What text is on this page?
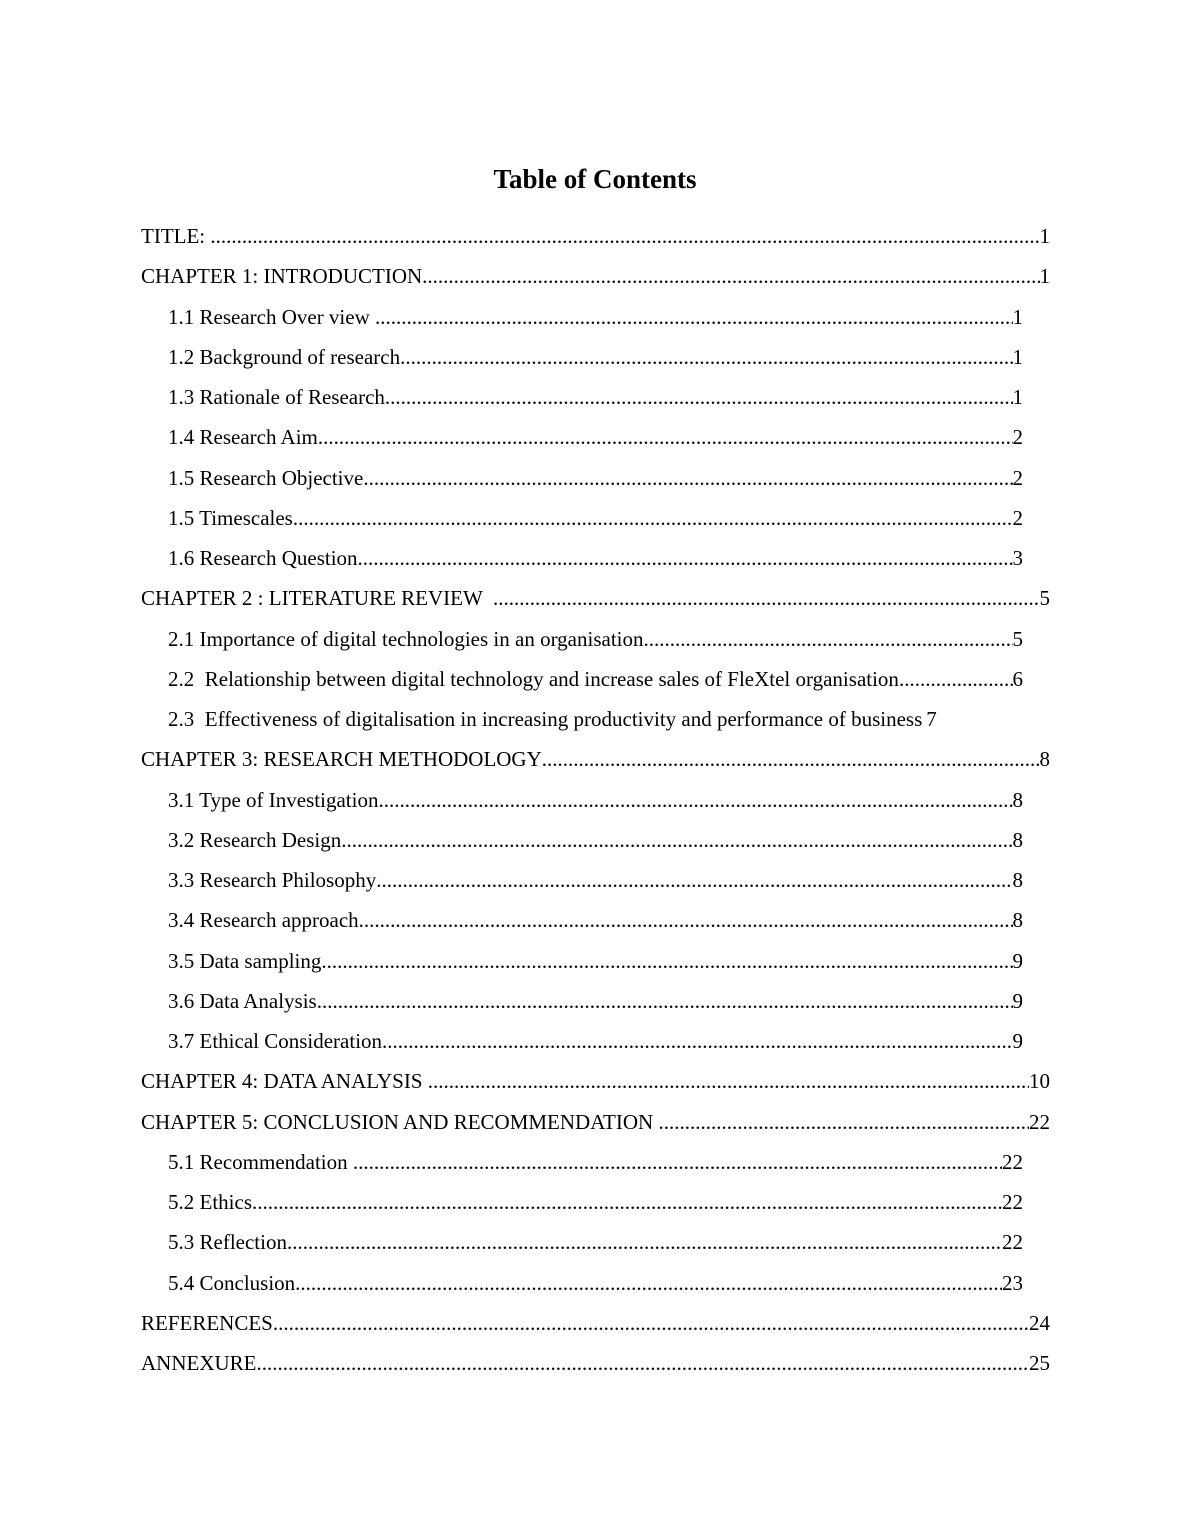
Table of Contents
TITLE: .....	1
CHAPTER 1: INTRODUCTION .....	1
1.1 Research Over view .....	1
1.2 Background of research .....	1
1.3 Rationale of Research .....	1
1.4 Research Aim .....	2
1.5 Research Objective .....	2
1.5 Timescales .....	2
1.6 Research Question .....	3
CHAPTER 2 : LITERATURE REVIEW .....	5
2.1 Importance of digital technologies in an organisation .....	5
2.2  Relationship between digital technology and increase sales of FleXtel organisation .....	6
2.3  Effectiveness of digitalisation in increasing productivity and performance of business 7
CHAPTER 3: RESEARCH METHODOLOGY .....	8
3.1 Type of Investigation .....	8
3.2 Research Design .....	8
3.3 Research Philosophy .....	8
3.4 Research approach .....	8
3.5 Data sampling .....	9
3.6 Data Analysis .....	9
3.7 Ethical Consideration .....	9
CHAPTER 4: DATA ANALYSIS .....	10
CHAPTER 5: CONCLUSION AND RECOMMENDATION .....	22
5.1 Recommendation .....	22
5.2 Ethics .....	22
5.3 Reflection .....	22
5.4 Conclusion .....	23
REFERENCES .....	24
ANNEXURE .....	25
